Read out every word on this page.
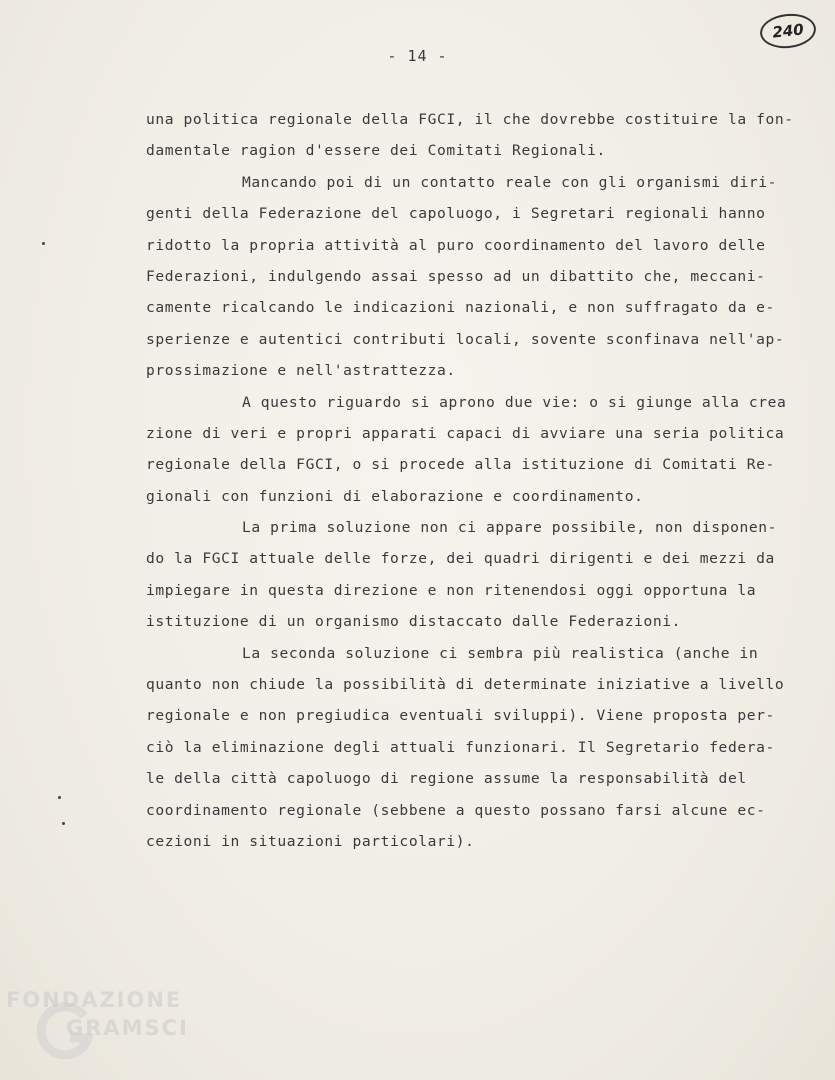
- 14 -
240
una politica regionale della FGCI, il che dovrebbe costituire la fon-
damentale ragion d'essere dei Comitati Regionali.
Mancando poi di un contatto reale con gli organismi diri-
genti della Federazione del capoluogo, i Segretari regionali hanno
ridotto la propria attività al puro coordinamento del lavoro delle
Federazioni, indulgendo assai spesso ad un dibattito che, meccani-
camente ricalcando le indicazioni nazionali, e non suffragato da e-
sperienze e autentici contributi locali, sovente sconfinava nell'ap-
prossimazione e nell'astrattezza.
A questo riguardo si aprono due vie: o si giunge alla crea
zione di veri e propri apparati capaci di avviare una seria politica
regionale della FGCI, o si procede alla istituzione di Comitati Re-
gionali con funzioni di elaborazione e coordinamento.
La prima soluzione non ci appare possibile, non disponen-
do la FGCI attuale delle forze, dei quadri dirigenti e dei mezzi da
impiegare in questa direzione e non ritenendosi oggi opportuna la
istituzione di un organismo distaccato dalle Federazioni.
La seconda soluzione ci sembra più realistica (anche in
quanto non chiude la possibilità di determinate iniziative a livello
regionale e non pregiudica eventuali sviluppi). Viene proposta per-
ciò la eliminazione degli attuali funzionari. Il Segretario federa-
le della città capoluogo di regione assume la responsabilità del
coordinamento regionale (sebbene a questo possano farsi alcune ec-
cezioni in situazioni particolari).
FONDAZIONE
GRAMSCI
